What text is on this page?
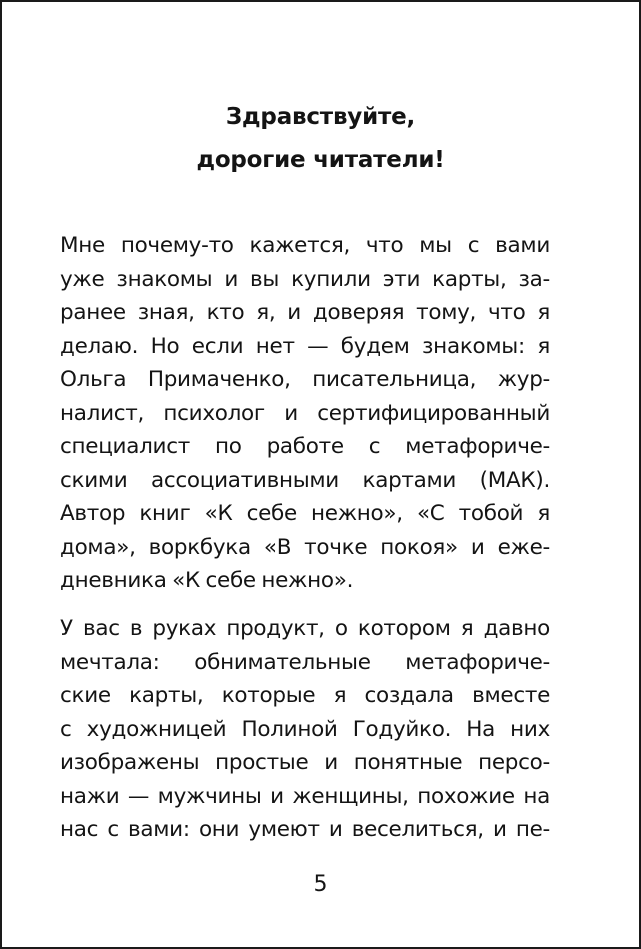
Здравствуйте,
дорогие читатели!
Мне почему-то кажется, что мы с вами
уже знакомы и вы купили эти карты, за-
ранее зная, кто я, и доверяя тому, что я
делаю. Но если нет — будем знакомы: я
Ольга Примаченко, писательница, жур-
налист, психолог и сертифицированный
специалист по работе с метафориче-
скими ассоциативными картами (МАК).
Автор книг «К себе нежно», «С тобой я
дома», воркбука «В точке покоя» и еже-
дневника «К себе нежно».
У вас в руках продукт, о котором я давно
мечтала: обнимательные метафориче-
ские карты, которые я создала вместе
с художницей Полиной Годуйко. На них
изображены простые и понятные персо-
нажи — мужчины и женщины, похожие на
нас с вами: они умеют и веселиться, и пе-
5
